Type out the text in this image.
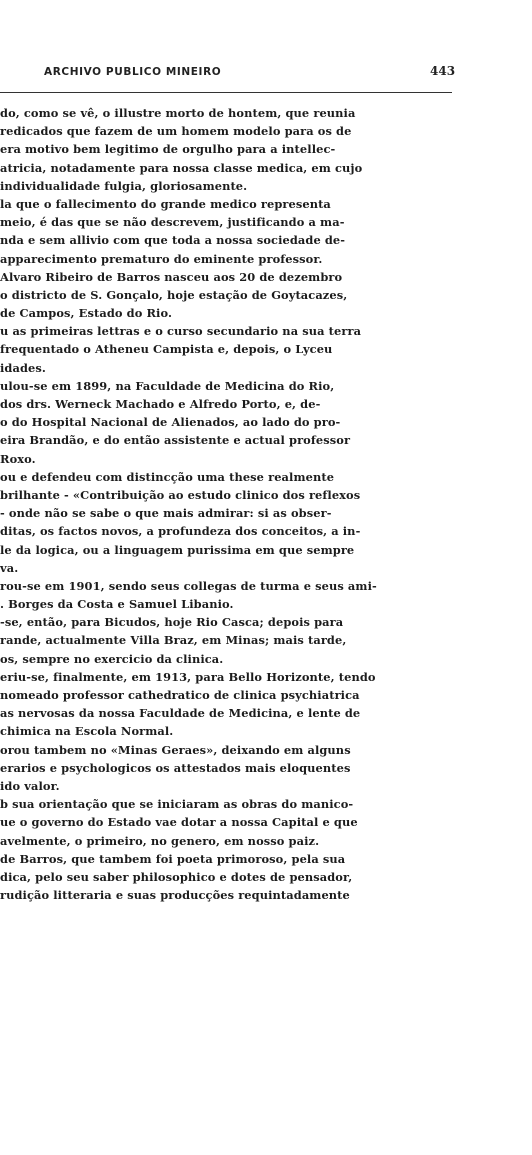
ARCHIVO PUBLICO MINEIRO	443
do, como se vê, o illustre morto de hontem, que reunia
redicados que fazem de um homem modelo para os de
era motivo bem legitimo de orgulho para a intellec-
atricia, notadamente para nossa classe medica, em cujo
individualidade fulgia, gloriosamente.
la que o fallecimento do grande medico representa
meio, é das que se não descrevem, justificando a ma-
nda e sem allivio com que toda a nossa sociedade de-
apparecimento prematuro do eminente professor.
Alvaro Ribeiro de Barros nasceu aos 20 de dezembro
o districto de S. Gonçalo, hoje estação de Goytacazes,
de Campos, Estado do Rio.
u as primeiras lettras e o curso secundario na sua terra
frequentado o Atheneu Campista e, depois, o Lyceu
idades.
ulou-se em 1899, na Faculdade de Medicina do Rio,
dos drs. Werneck Machado e Alfredo Porto, e, de-
o do Hospital Nacional de Alienados, ao lado do pro-
eira Brandão, e do então assistente e actual professor
Roxo.
ou e defendeu com distincção uma these realmente
brilhante - «Contribuição ao estudo clinico dos reflexos
- onde não se sabe o que mais admirar: si as obser-
ditas, os factos novos, a profundeza dos conceitos, a in-
le da logica, ou a linguagem purissima em que sempre
va.
rou-se em 1901, sendo seus collegas de turma e seus ami-
. Borges da Costa e Samuel Libanio.
-se, então, para Bicudos, hoje Rio Casca; depois para
rande, actualmente Villa Braz, em Minas; mais tarde,
os, sempre no exercicio da clinica.
eriu-se, finalmente, em 1913, para Bello Horizonte, tendo
nomeado professor cathedratico de clinica psychiatrica
as nervosas da nossa Faculdade de Medicina, e lente de
chimica na Escola Normal.
orou tambem no «Minas Geraes», deixando em alguns
erarios e psychologicos os attestados mais eloquentes
ido valor.
b sua orientação que se iniciaram as obras do manico-
ue o governo do Estado vae dotar a nossa Capital e que
avelmente, o primeiro, no genero, em nosso paiz.
de Barros, que tambem foi poeta primoroso, pela sua
dica, pelo seu saber philosophico e dotes de pensador,
rudição litteraria e suas producções requintadamente
